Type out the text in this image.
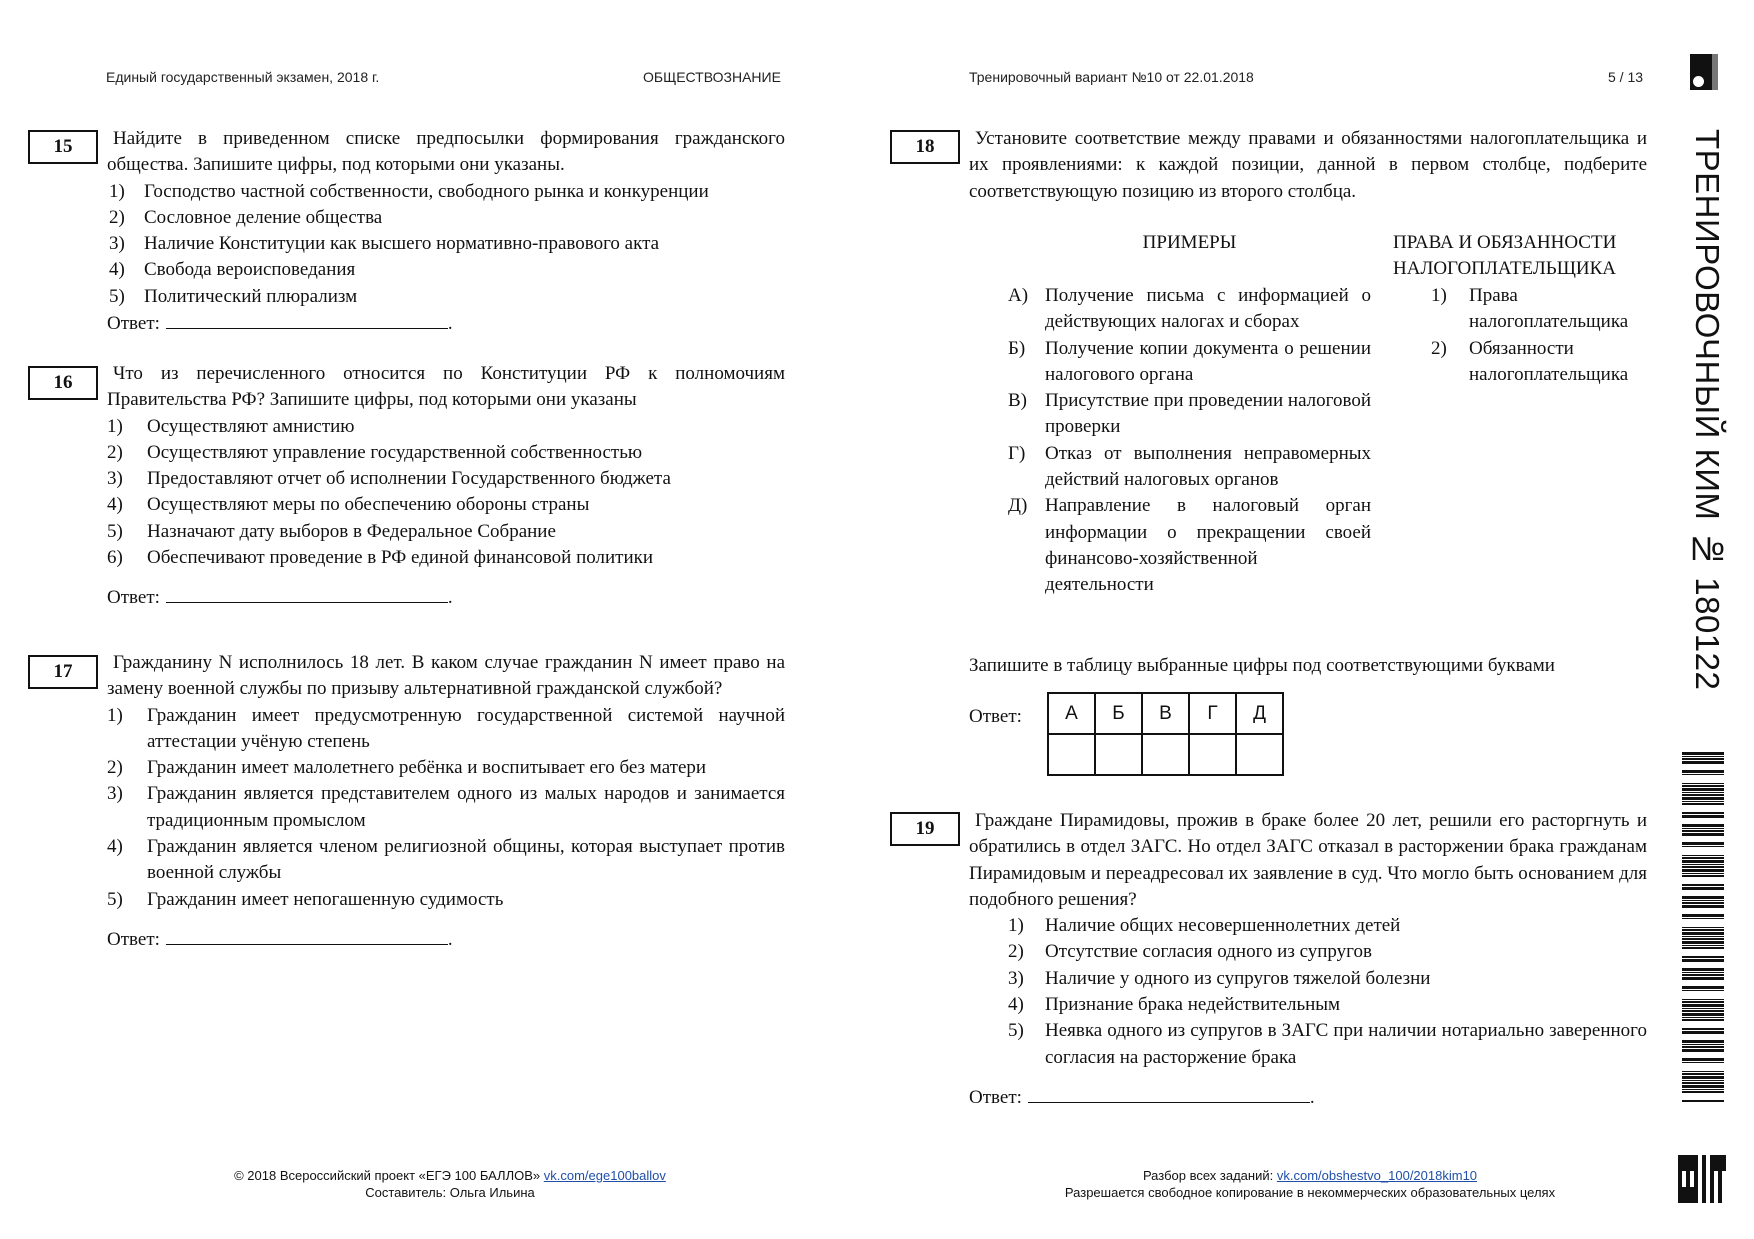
Единый государственный экзамен, 2018 г.	ОБЩЕСТВОЗНАНИЕ	Тренировочный вариант №10 от 22.01.2018	5 / 13
15	Найдите в приведенном списке предпосылки формирования гражданского общества. Запишите цифры, под которыми они указаны.
1)	Господство частной собственности, свободного рынка и конкуренции
2)	Сословное деление общества
3)	Наличие Конституции как высшего нормативно-правового акта
4)	Свобода вероисповедания
5)	Политический плюрализм
Ответ:	.
16	Что из перечисленного относится по Конституции РФ к полномочиям Правительства РФ? Запишите цифры, под которыми они указаны
1)	Осуществляют амнистию
2)	Осуществляют управление государственной собственностью
3)	Предоставляют отчет об исполнении Государственного бюджета
4)	Осуществляют меры по обеспечению обороны страны
5)	Назначают дату выборов в Федеральное Собрание
6)	Обеспечивают проведение в РФ единой финансовой политики
Ответ:	.
17	Гражданину N исполнилось 18 лет. В каком случае гражданин N имеет право на замену военной службы по призыву альтернативной гражданской службой?
1)	Гражданин имеет предусмотренную государственной системой научной аттестации учёную степень
2)	Гражданин имеет малолетнего ребёнка и воспитывает его без матери
3)	Гражданин является представителем одного из малых народов и занимается традиционным промыслом
4)	Гражданин является членом религиозной общины, которая выступает против военной службы
5)	Гражданин имеет непогашенную судимость
Ответ:	.
18	Установите соответствие между правами и обязанностями налогоплательщика и их проявлениями: к каждой позиции, данной в первом столбце, подберите соответствующую позицию из второго столбца.
ПРИМЕРЫ	ПРАВА И ОБЯЗАННОСТИ НАЛОГОПЛАТЕЛЬЩИКА
А) Получение письма с информацией о действующих налогах и сборах
Б)	Получение копии документа о решении налогового органа
В) Присутствие при проведении налоговой проверки
Г)	Отказ от выполнения неправомерных действий налоговых органов
Д) Направление в налоговый орган информации о прекращении своей финансово-хозяйственной деятельности
1)	Права налогоплательщика
2)	Обязанности налогоплательщика
Запишите в таблицу выбранные цифры под соответствующими буквами
Ответ: А	Б	В	Г	Д

19	Граждане Пирамидовы, прожив в браке более 20 лет, решили его расторгнуть и обратились в отдел ЗАГС. Но отдел ЗАГС отказал в расторжении брака гражданам Пирамидовым и переадресовал их заявление в суд. Что могло быть основанием для подобного решения?
1)	Наличие общих несовершеннолетних детей
2)	Отсутствие согласия одного из супругов
3)	Наличие у одного из супругов тяжелой болезни
4)	Признание брака недействительным
5)	Неявка одного из супругов в ЗАГС при наличии нотариально заверенного согласия на расторжение брака
Ответ:	.
ТРЕНИРОВОЧНЫЙ КИМ № 180122
© 2018 Всероссийский проект «ЕГЭ 100 БАЛЛОВ» vk.com/ege100ballov
Составитель: Ольга Ильина
Разбор всех заданий: vk.com/obshestvo_100/2018kim10
Разрешается свободное копирование в некоммерческих образовательных целях
